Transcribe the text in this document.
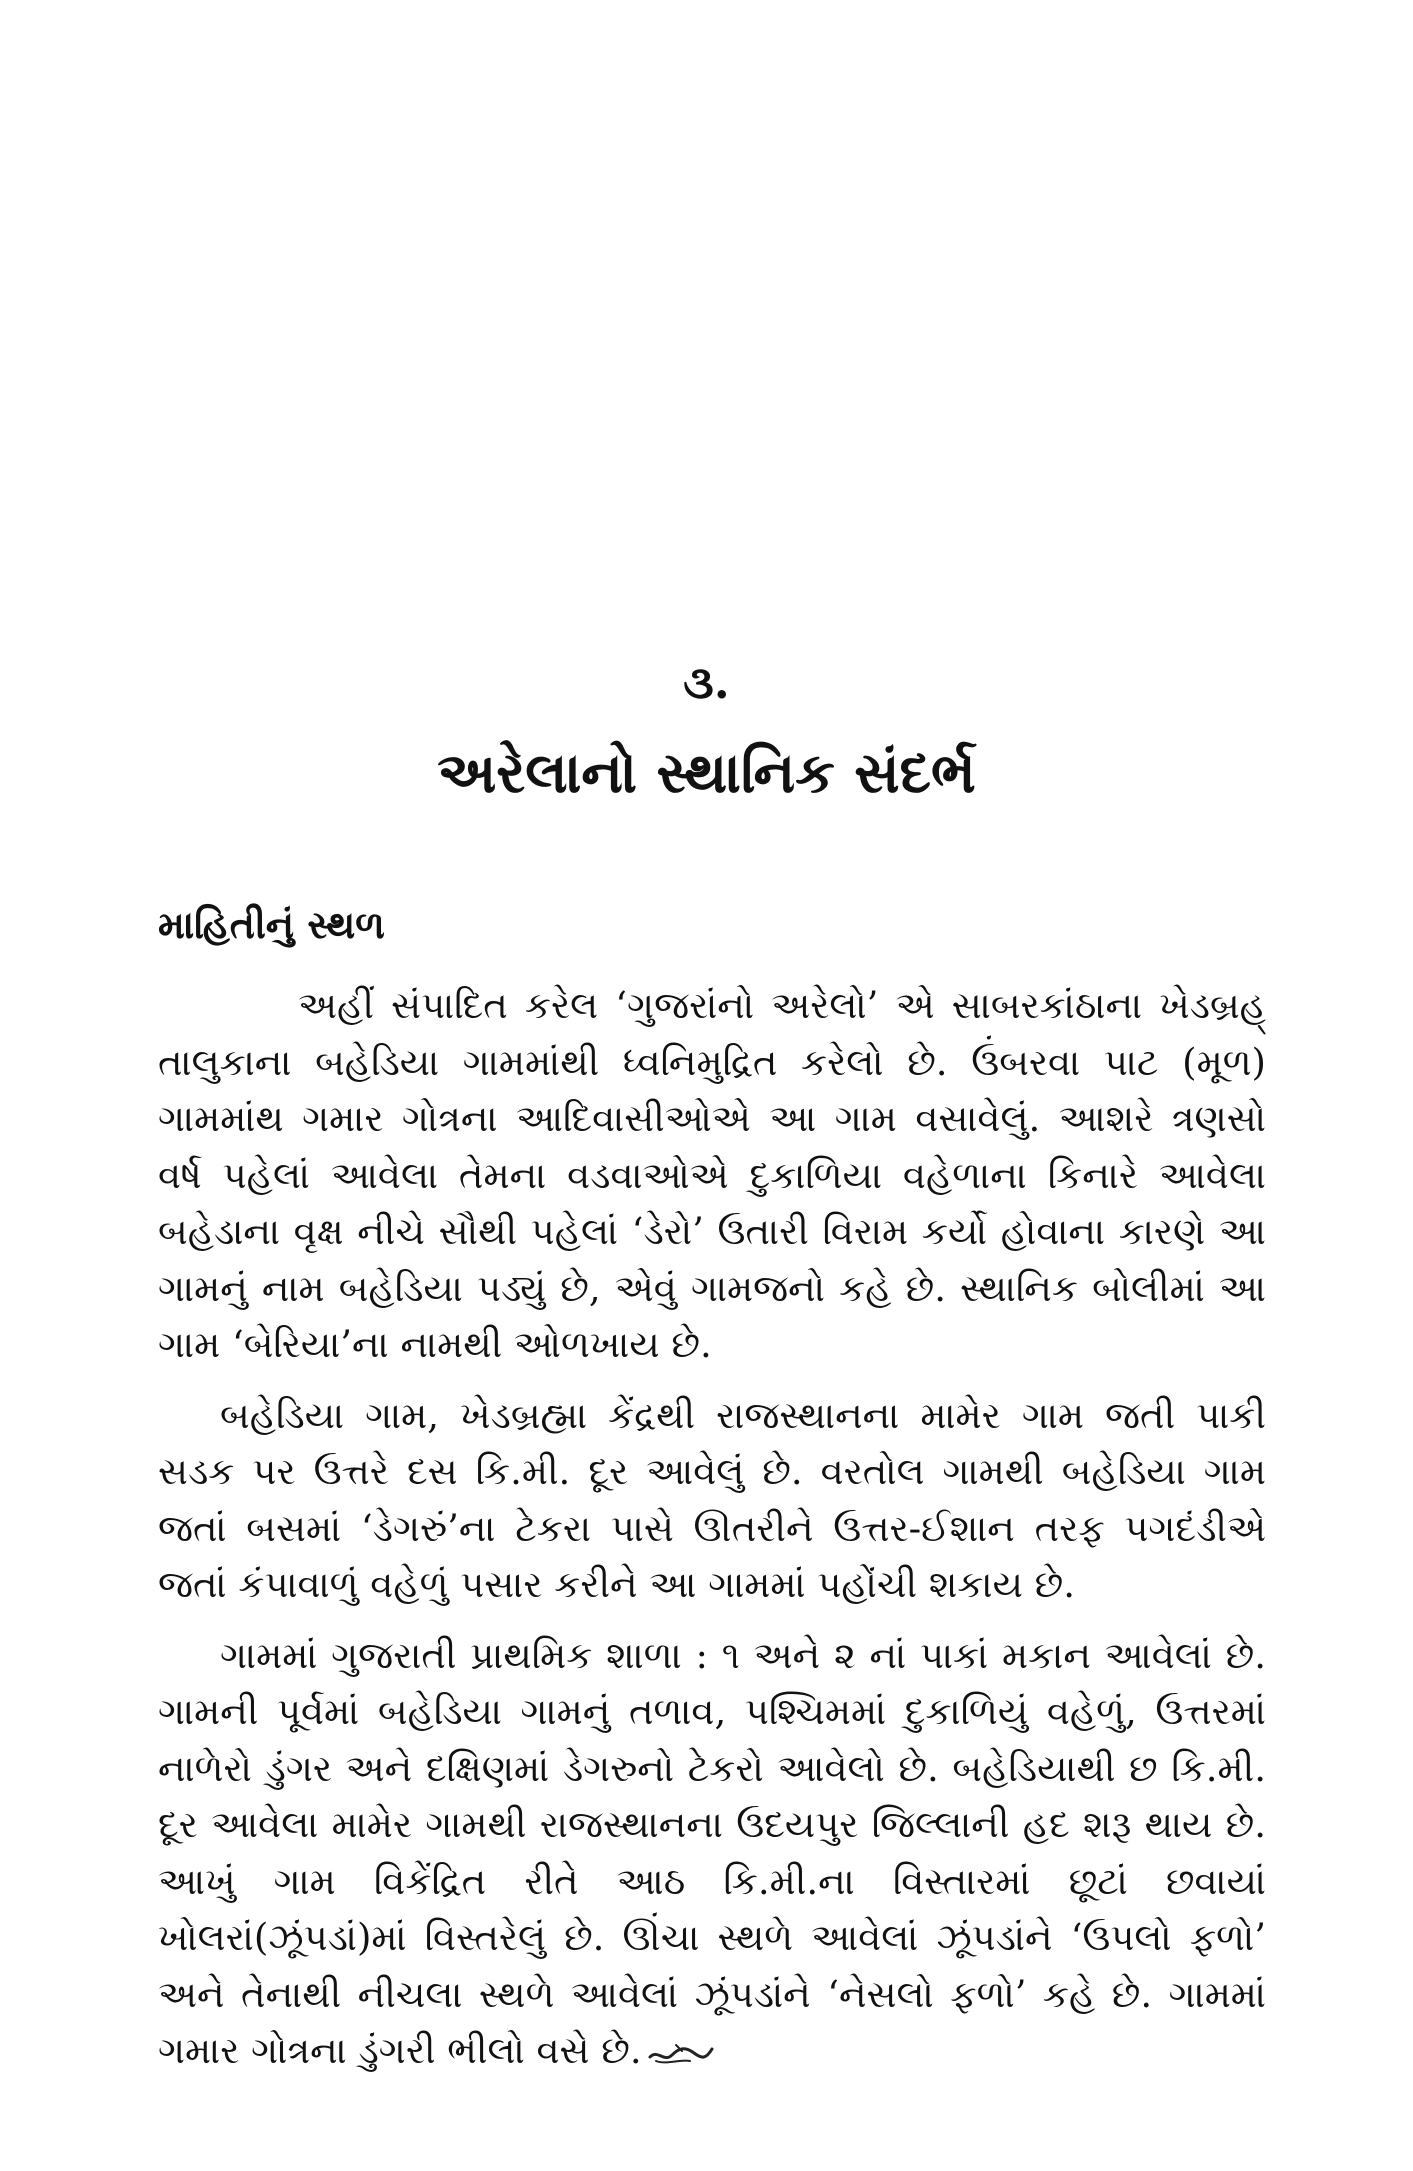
૩.
અરેલાનો સ્થાનિક સંદર્ભ
માહિતીનું સ્થળ

અહીં સંપાદિત કરેલ ‘ગુજરાંનો અરેલો’ એ સાબરકાંઠાના ખેડબ્રહ્ તાલુકાના બહેડિયા ગામમાંથી ધ્વનિમુદ્રિત કરેલો છે. ઉંબરવા પાટ (મૂળ) ગામમાંથ ગમાર ગોત્રના આદિવાસીઓએ આ ગામ વસાવેલું. આશરે ત્રણસો વર્ષ પહેલાં આવેલા તેમના વડવાઓએ દુકાળિયા વહેળાના કિનારે આવેલા બહેડાના વૃક્ષ નીચે સૌથી પહેલાં ‘ડેરો’ ઉતારી વિરામ કર્યો હોવાના કારણે આ ગામનું નામ બહેડિયા પડ્યું છે, એવું ગામજનો કહે છે. સ્થાનિક બોલીમાં આ ગામ ‘બેરિયા’ના નામથી ઓળખાય છે.

બહેડિયા ગામ, ખેડબ્રહ્મા કેંદ્રથી રાજસ્થાનના મામેર ગામ જતી પાકી સડક પર ઉત્તરે દસ કિ.મી. દૂર આવેલું છે. વરતોલ ગામથી બહેડિયા ગામ જતાં બસમાં ‘ડેગરું’ના ટેકરા પાસે ઊતરીને ઉત્તર-ઈશાન તરફ પગદંડીએ જતાં કંપાવાળું વહેળું પસાર કરીને આ ગામમાં પહોંચી શકાય છે.

ગામમાં ગુજરાતી પ્રાથમિક શાળા : ૧ અને ૨ નાં પાકાં મકાન આવેલાં છે. ગામની પૂર્વમાં બહેડિયા ગામનું તળાવ, પશ્ચિમમાં દુકાળિયું વહેળું, ઉત્તરમાં નાળેરો ડુંગર અને દક્ષિણમાં ડેગરુનો ટેકરો આવેલો છે. બહેડિયાથી છ કિ.મી. દૂર આવેલા મામેર ગામથી રાજસ્થાનના ઉદયપુર જિલ્લાની હદ શરૂ થાય છે. આખું ગામ વિકેંદ્રિત રીતે આઠ કિ.મી.ના વિસ્તારમાં છૂટાં છવાયાં ખોલરાં(ઝૂંપડાં)માં વિસ્તરેલું છે. ઊંચા સ્થળે આવેલાં ઝૂંપડાંને ‘ઉપલો ફળો’ અને તેનાથી નીચલા સ્થળે આવેલાં ઝૂંપડાંને ‘નેસલો ફળો’ કહે છે. ગામમાં ગમાર ગોત્રના ડુંગરી ભીલો વસે છે.
